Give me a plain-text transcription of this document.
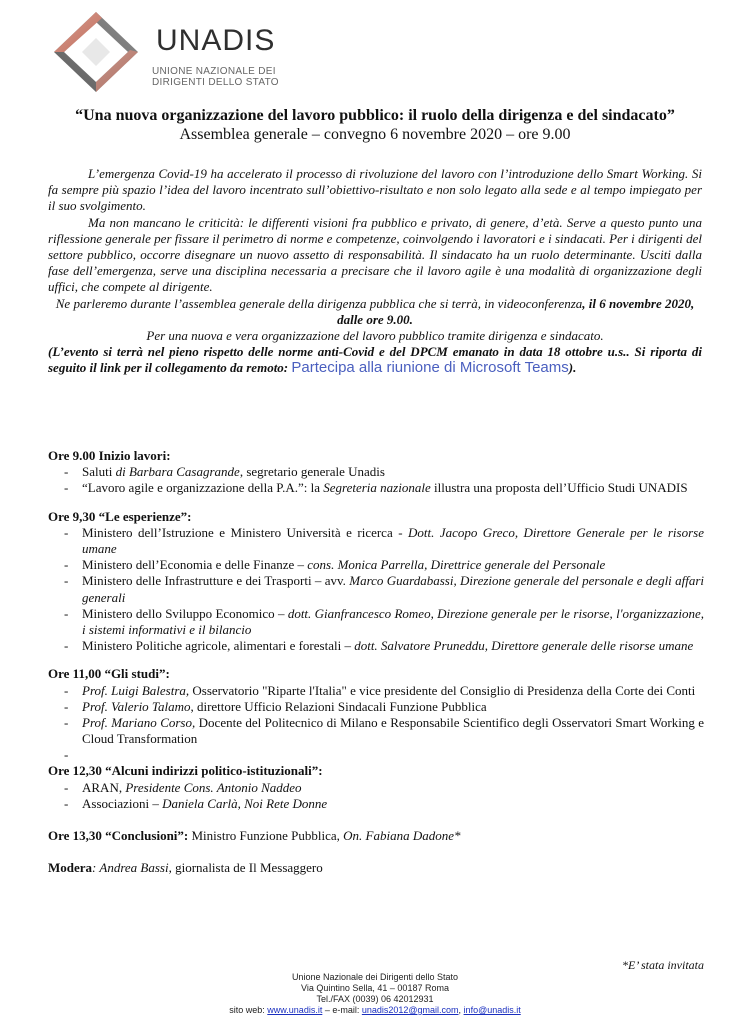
UNADIS
UNIONE NAZIONALE DEI
DIRIGENTI DELLO STATO
“Una nuova organizzazione del lavoro pubblico: il ruolo della dirigenza e del sindacato”
Assemblea generale – convegno 6 novembre 2020 – ore 9.00

L’emergenza Covid-19 ha accelerato il processo di rivoluzione del lavoro con l’introduzione dello Smart Working. Si fa sempre più spazio l’idea del lavoro incentrato sull’obiettivo-risultato e non solo legato alla sede e al tempo impiegato per il suo svolgimento.

Ma non mancano le criticità: le differenti visioni fra pubblico e privato, di genere, d’età. Serve a questo punto una riflessione generale per fissare il perimetro di norme e competenze, coinvolgendo i lavoratori e i sindacati. Per i dirigenti del settore pubblico, occorre disegnare un nuovo assetto di responsabilità. Il sindacato ha un ruolo determinante. Usciti dalla fase dell’emergenza, serve una disciplina necessaria a precisare che il lavoro agile è una modalità di organizzazione degli uffici, che compete al dirigente.

Ne parleremo durante l’assemblea generale della dirigenza pubblica che si terrà, in videoconferenza, il 6 novembre 2020, dalle ore 9.00.

Per una nuova e vera organizzazione del lavoro pubblico tramite dirigenza e sindacato.

(L’evento si terrà nel pieno rispetto delle norme anti-Covid e del DPCM emanato in data 18 ottobre u.s.. Si riporta di seguito il link per il collegamento da remoto: Partecipa alla riunione di Microsoft Teams).

Ore 9.00 Inizio lavori:
- Saluti di Barbara Casagrande, segretario generale Unadis
- “Lavoro agile e organizzazione della P.A.”: la Segreteria nazionale illustra una proposta dell’Ufficio Studi UNADIS
Ore 9,30 “Le esperienze”:
- Ministero dell’Istruzione e Ministero Università e ricerca - Dott. Jacopo Greco, Direttore Generale per le risorse umane
- Ministero dell’Economia e delle Finanze – cons. Monica Parrella, Direttrice generale del Personale
- Ministero delle Infrastrutture e dei Trasporti – avv. Marco Guardabassi, Direzione generale del personale e degli affari generali
- Ministero dello Sviluppo Economico – dott. Gianfrancesco Romeo, Direzione generale per le risorse, l'organizzazione, i sistemi informativi e il bilancio
- Ministero Politiche agricole, alimentari e forestali – dott. Salvatore Pruneddu, Direttore generale delle risorse umane
Ore 11,00 “Gli studi”:
- Prof. Luigi Balestra, Osservatorio "Riparte l'Italia" e vice presidente del Consiglio di Presidenza della Corte dei Conti
- Prof. Valerio Talamo, direttore Ufficio Relazioni Sindacali Funzione Pubblica
- Prof. Mariano Corso, Docente del Politecnico di Milano e Responsabile Scientifico degli Osservatori Smart Working e Cloud Transformation
-
Ore 12,30 “Alcuni indirizzi politico-istituzionali”:
- ARAN, Presidente Cons. Antonio Naddeo
- Associazioni – Daniela Carlà, Noi Rete Donne
Ore 13,30 “Conclusioni”: Ministro Funzione Pubblica, On. Fabiana Dadone*
Modera: Andrea Bassi, giornalista de Il Messaggero
*E’ stata invitata
Unione Nazionale dei Dirigenti dello Stato
Via Quintino Sella, 41 – 00187 Roma
Tel./FAX (0039) 06 42012931
sito web: www.unadis.it – e-mail: unadis2012@gmail.com, info@unadis.it
